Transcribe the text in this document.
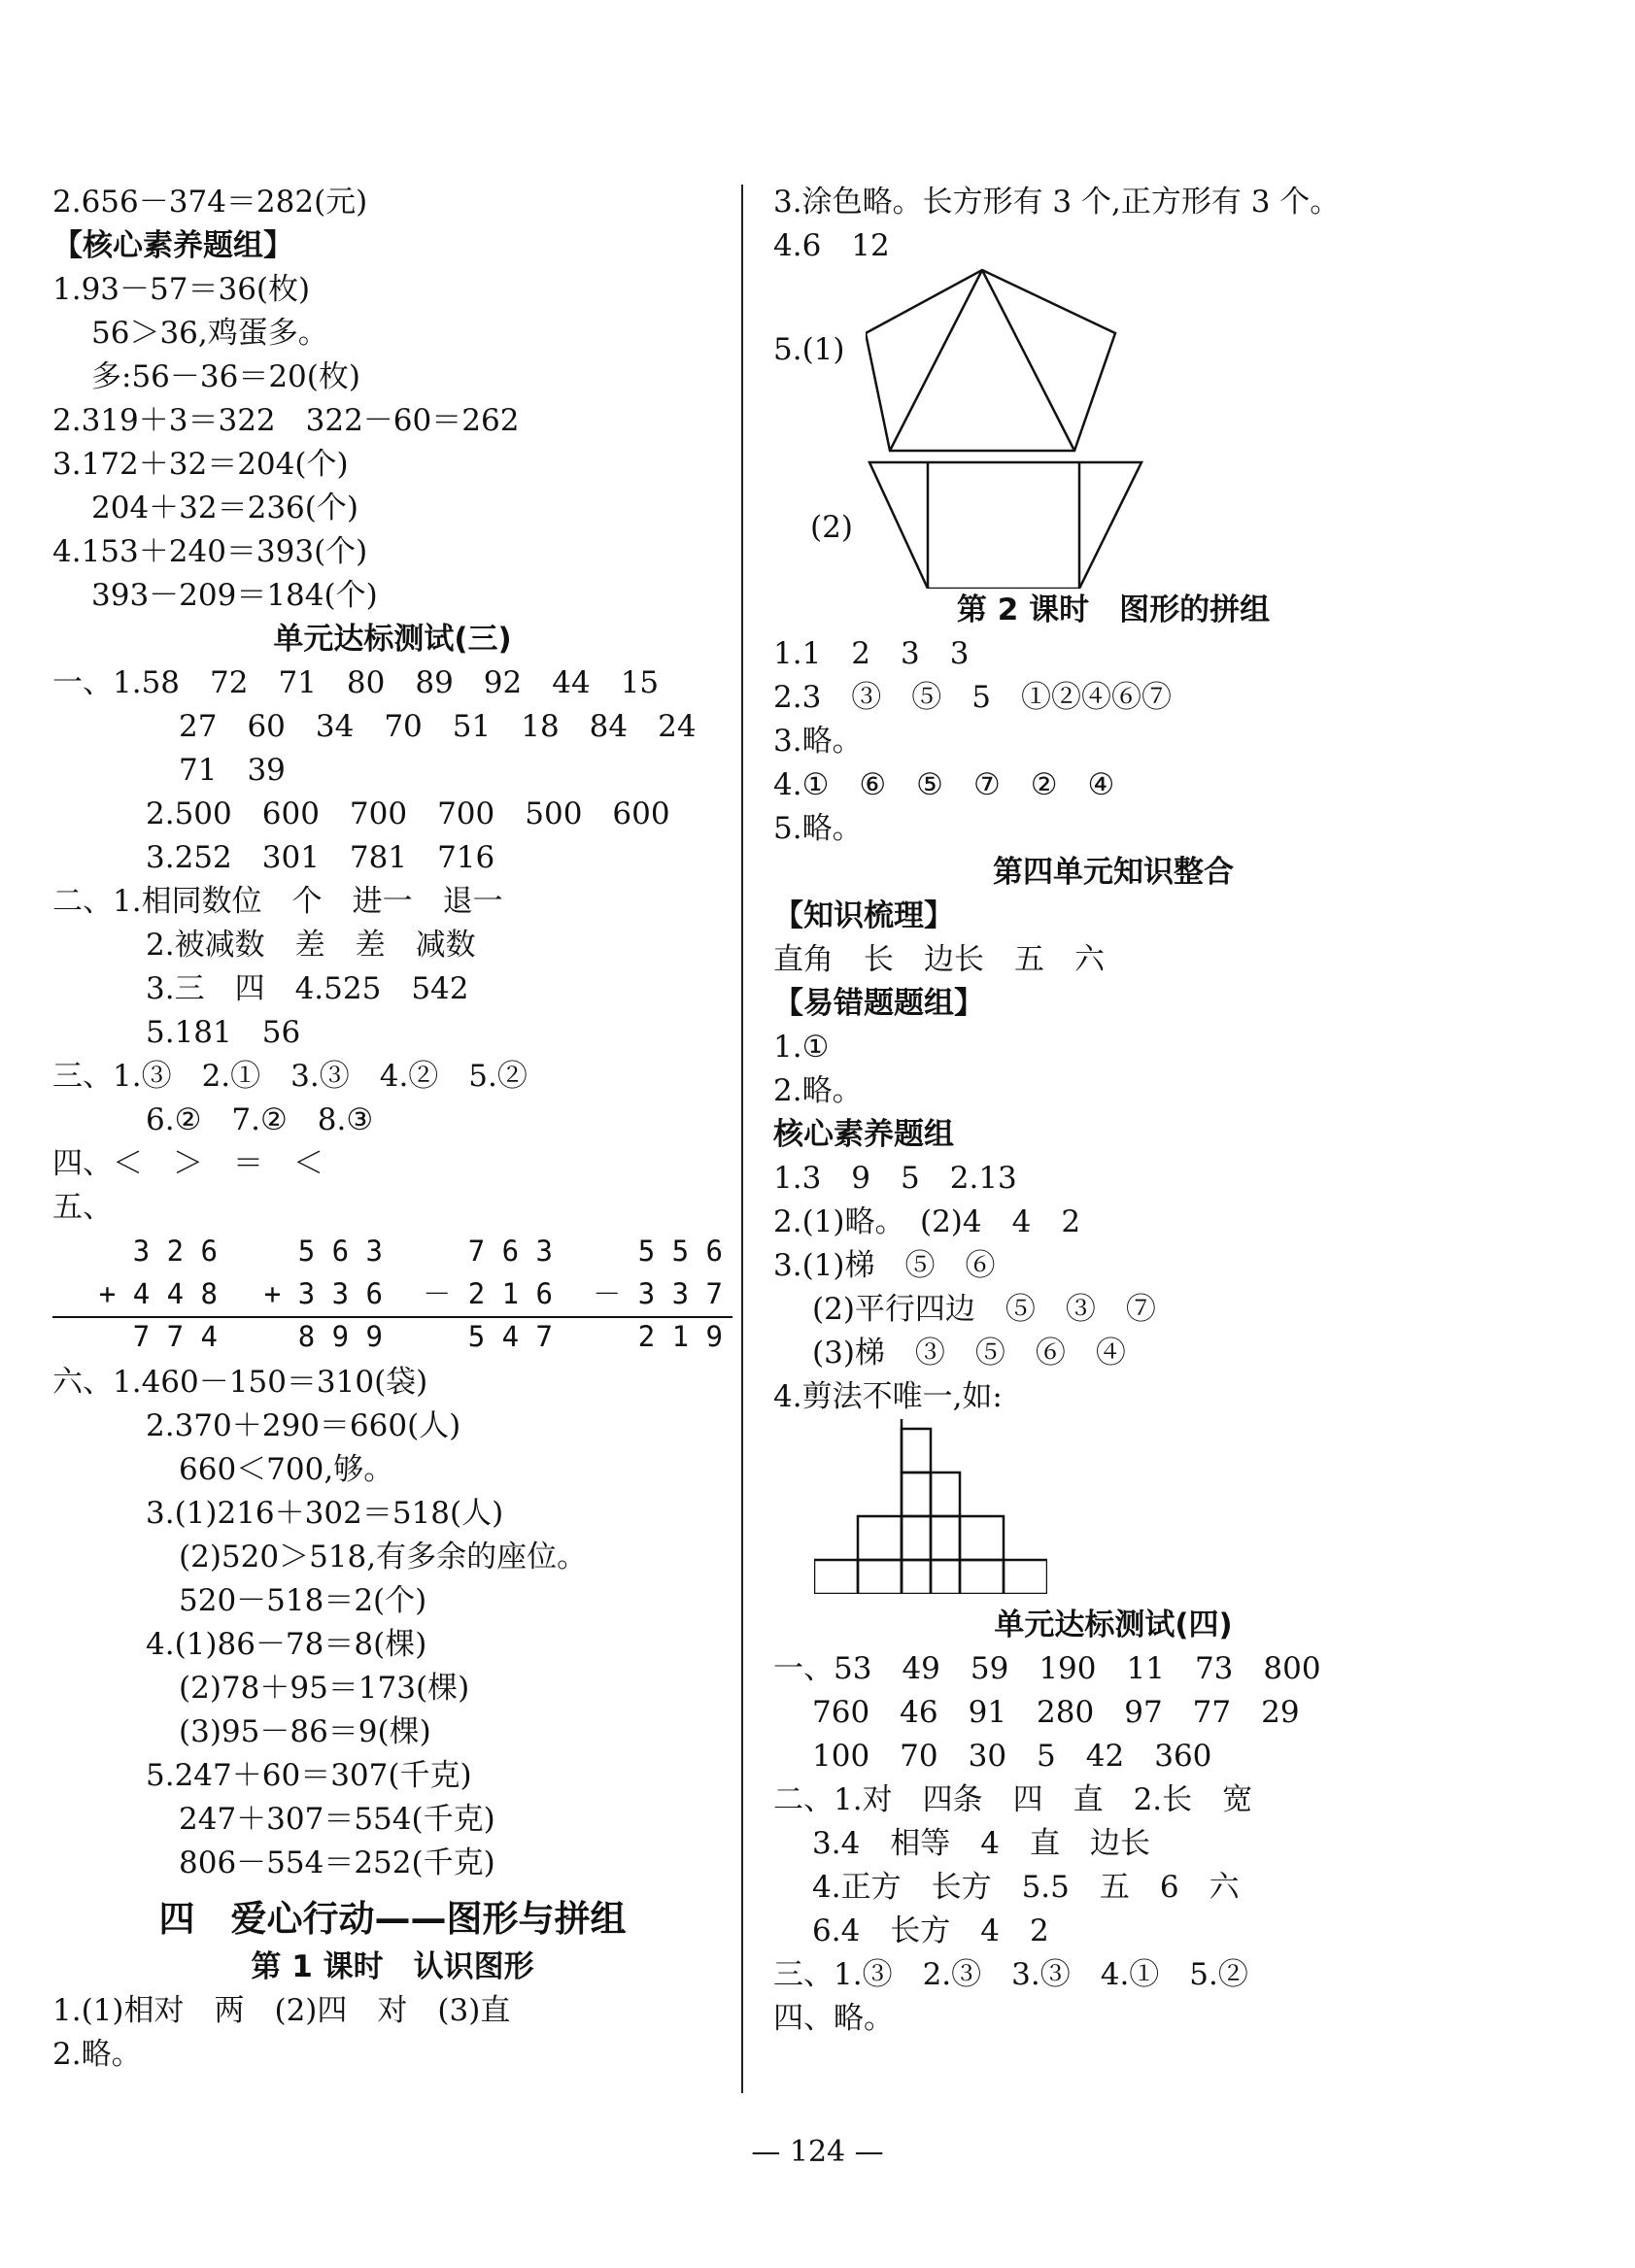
2.656－374＝282(元)
【核心素养题组】
1.93－57＝36(枚)
56＞36,鸡蛋多。
多:56－36＝20(枚)
2.319＋3＝322　322－60＝262
3.172＋32＝204(个)
204＋32＝236(个)
4.153＋240＝393(个)
393－209＝184(个)
单元达标测试(三)
一、1.58　72　71　80　89　92　44　15
27　60　34　70　51　18　84　24
71　39
2.500　600　700　700　500　600
3.252　301　781　716
二、1.相同数位　个　进一　退一
2.被减数　差　差　减数
3.三　四　4.525　542
5.181　56
三、1.③　2.①　3.③　4.②　5.②
6.②　7.②　8.③
四、＜　＞　＝　＜
五、
3 2 6
+ 4 4 8
7 7 4
5 6 3
+ 3 3 6
8 9 9
7 6 3
－ 2 1 6
5 4 7
5 5 6
－ 3 3 7
2 1 9
六、1.460－150＝310(袋)
2.370＋290＝660(人)
660＜700,够。
3.(1)216＋302＝518(人)
(2)520＞518,有多余的座位。
520－518＝2(个)
4.(1)86－78＝8(棵)
(2)78＋95＝173(棵)
(3)95－86＝9(棵)
5.247＋60＝307(千克)
247＋307＝554(千克)
806－554＝252(千克)
四　爱心行动——图形与拼组
第 1 课时　认识图形
1.(1)相对　两　(2)四　对　(3)直
2.略。
3.涂色略。长方形有 3 个,正方形有 3 个。
4.6　12
5.(1)
(2)
第 2 课时　图形的拼组
1.1　2　3　3
2.3　③　⑤　5　①②④⑥⑦
3.略。
4.①　⑥　⑤　⑦　②　④
5.略。
第四单元知识整合
【知识梳理】
直角　长　边长　五　六
【易错题题组】
1.①
2.略。
核心素养题组
1.3　9　5　2.13
2.(1)略。　(2)4　4　2
3.(1)梯　⑤　⑥
(2)平行四边　⑤　③　⑦
(3)梯　③　⑤　⑥　④
4.剪法不唯一,如:
单元达标测试(四)
一、53　49　59　190　11　73　800
760　46　91　280　97　77　29
100　70　30　5　42　360
二、1.对　四条　四　直　2.长　宽
3.4　相等　4　直　边长
4.正方　长方　5.5　五　6　六
6.4　长方　4　2
三、1.③　2.③　3.③　4.①　5.②
四、略。
— 124 —
